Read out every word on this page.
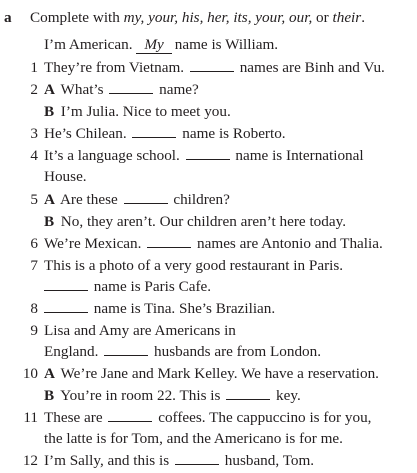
a Complete with my, your, his, her, its, your, our, or their.
I’m American. My name is William.
1 They’re from Vietnam.	names are Binh and Vu.
2 A What’s	name?
B I’m Julia. Nice to meet you.
3 He’s Chilean.	name is Roberto.
4 It’s a language school.	name is International
House.
5 A Are these	children?
B No, they aren’t. Our children aren’t here today.
6 We’re Mexican.	names are Antonio and Thalia.
7 This is a photo of a very good restaurant in Paris.
name is Paris Cafe.
8	name is Tina. She’s Brazilian.
9 Lisa and Amy are Americans in
England.	husbands are from London.
10 A We’re Jane and Mark Kelley. We have a reservation.
B You’re in room 22. This is	key.
11 These are	coffees. The cappuccino is for you,
the latte is for Tom, and the Americano is for me.
12 I’m Sally, and this is	husband, Tom.
